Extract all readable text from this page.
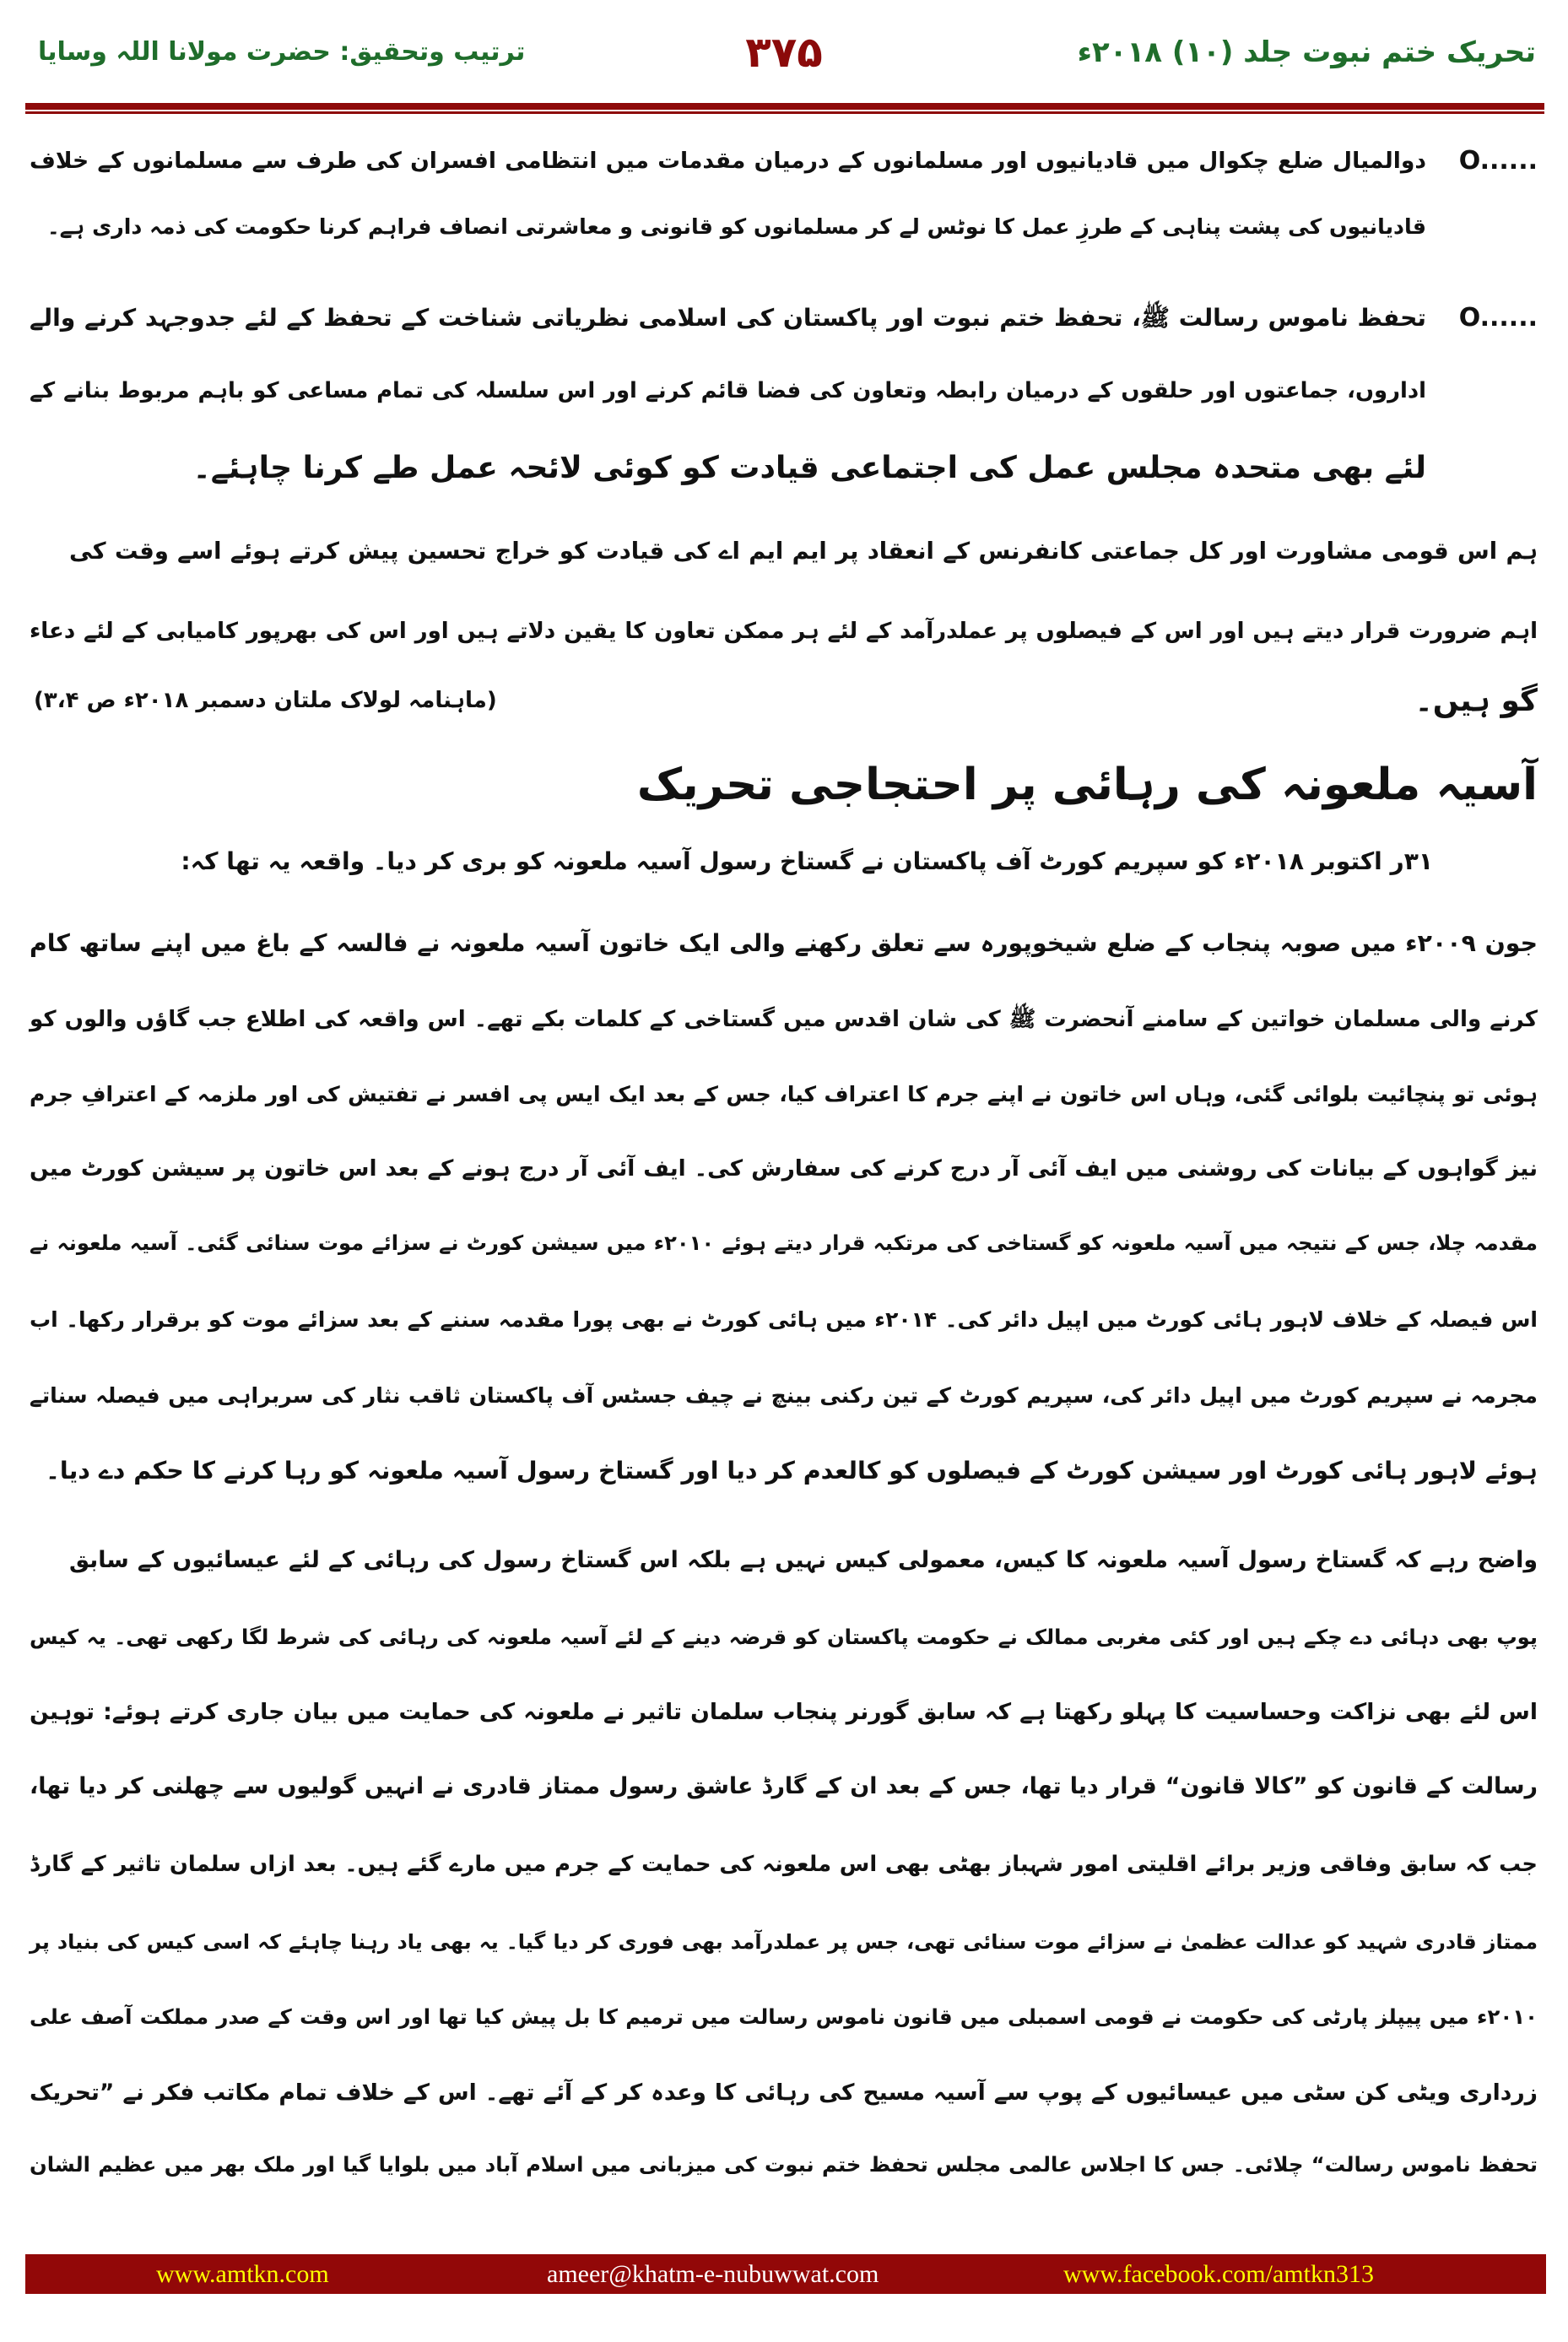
تحریک ختم نبوت جلد (۱۰) ۲۰۱۸ء
۳۷۵
ترتیب وتحقیق: حضرت مولانا اللہ وسایا
O......
دوالمیال ضلع چکوال میں قادیانیوں اور مسلمانوں کے درمیان مقدمات میں انتظامی افسران کی طرف سے مسلمانوں کے خلاف
قادیانیوں کی پشت پناہی کے طرزِ عمل کا نوٹس لے کر مسلمانوں کو قانونی و معاشرتی انصاف فراہم کرنا حکومت کی ذمہ داری ہے۔
O......
تحفظ ناموس رسالت ﷺ، تحفظ ختم نبوت اور پاکستان کی اسلامی نظریاتی شناخت کے تحفظ کے لئے جدوجہد کرنے والے
اداروں، جماعتوں اور حلقوں کے درمیان رابطہ وتعاون کی فضا قائم کرنے اور اس سلسلہ کی تمام مساعی کو باہم مربوط بنانے کے
لئے بھی متحدہ مجلس عمل کی اجتماعی قیادت کو کوئی لائحہ عمل طے کرنا چاہئے۔
ہم اس قومی مشاورت اور کل جماعتی کانفرنس کے انعقاد پر ایم ایم اے کی قیادت کو خراج تحسین پیش کرتے ہوئے اسے وقت کی
اہم ضرورت قرار دیتے ہیں اور اس کے فیصلوں پر عملدرآمد کے لئے ہر ممکن تعاون کا یقین دلاتے ہیں اور اس کی بھرپور کامیابی کے لئے دعاء
گو ہیں۔
(ماہنامہ لولاک ملتان دسمبر ۲۰۱۸ء ص ۳،۴)
آسیہ ملعونہ کی رہائی پر احتجاجی تحریک
۳۱ر اکتوبر ۲۰۱۸ء کو سپریم کورٹ آف پاکستان نے گستاخ رسول آسیہ ملعونہ کو بری کر دیا۔ واقعہ یہ تھا کہ:
جون ۲۰۰۹ء میں صوبہ پنجاب کے ضلع شیخوپورہ سے تعلق رکھنے والی ایک خاتون آسیہ ملعونہ نے فالسہ کے باغ میں اپنے ساتھ کام
کرنے والی مسلمان خواتین کے سامنے آنحضرت ﷺ کی شان اقدس میں گستاخی کے کلمات بکے تھے۔ اس واقعہ کی اطلاع جب گاؤں والوں کو
ہوئی تو پنچائیت بلوائی گئی، وہاں اس خاتون نے اپنے جرم کا اعتراف کیا، جس کے بعد ایک ایس پی افسر نے تفتیش کی اور ملزمہ کے اعترافِ جرم
نیز گواہوں کے بیانات کی روشنی میں ایف آئی آر درج کرنے کی سفارش کی۔ ایف آئی آر درج ہونے کے بعد اس خاتون پر سیشن کورٹ میں
مقدمہ چلا، جس کے نتیجہ میں آسیہ ملعونہ کو گستاخی کی مرتکبہ قرار دیتے ہوئے ۲۰۱۰ء میں سیشن کورٹ نے سزائے موت سنائی گئی۔ آسیہ ملعونہ نے
اس فیصلہ کے خلاف لاہور ہائی کورٹ میں اپیل دائر کی۔ ۲۰۱۴ء میں ہائی کورٹ نے بھی پورا مقدمہ سننے کے بعد سزائے موت کو برقرار رکھا۔ اب
مجرمہ نے سپریم کورٹ میں اپیل دائر کی، سپریم کورٹ کے تین رکنی بینچ نے چیف جسٹس آف پاکستان ثاقب نثار کی سربراہی میں فیصلہ سناتے
ہوئے لاہور ہائی کورٹ اور سیشن کورٹ کے فیصلوں کو کالعدم کر دیا اور گستاخ رسول آسیہ ملعونہ کو رہا کرنے کا حکم دے دیا۔
واضح رہے کہ گستاخ رسول آسیہ ملعونہ کا کیس، معمولی کیس نہیں ہے بلکہ اس گستاخ رسول کی رہائی کے لئے عیسائیوں کے سابق
پوپ بھی دہائی دے چکے ہیں اور کئی مغربی ممالک نے حکومت پاکستان کو قرضہ دینے کے لئے آسیہ ملعونہ کی رہائی کی شرط لگا رکھی تھی۔ یہ کیس
اس لئے بھی نزاکت وحساسیت کا پہلو رکھتا ہے کہ سابق گورنر پنجاب سلمان تاثیر نے ملعونہ کی حمایت میں بیان جاری کرتے ہوئے: توہین
رسالت کے قانون کو ”کالا قانون“ قرار دیا تھا، جس کے بعد ان کے گارڈ عاشق رسول ممتاز قادری نے انہیں گولیوں سے چھلنی کر دیا تھا،
جب کہ سابق وفاقی وزیر برائے اقلیتی امور شہباز بھٹی بھی اس ملعونہ کی حمایت کے جرم میں مارے گئے ہیں۔ بعد ازاں سلمان تاثیر کے گارڈ
ممتاز قادری شہید کو عدالت عظمیٰ نے سزائے موت سنائی تھی، جس پر عملدرآمد بھی فوری کر دیا گیا۔ یہ بھی یاد رہنا چاہئے کہ اسی کیس کی بنیاد پر
۲۰۱۰ء میں پیپلز پارٹی کی حکومت نے قومی اسمبلی میں قانون ناموس رسالت میں ترمیم کا بل پیش کیا تھا اور اس وقت کے صدر مملکت آصف علی
زرداری ویٹی کن سٹی میں عیسائیوں کے پوپ سے آسیہ مسیح کی رہائی کا وعدہ کر کے آئے تھے۔ اس کے خلاف تمام مکاتب فکر نے ”تحریک
تحفظ ناموس رسالت“ چلائی۔ جس کا اجلاس عالمی مجلس تحفظ ختم نبوت کی میزبانی میں اسلام آباد میں بلوایا گیا اور ملک بھر میں عظیم الشان
www.amtkn.com	ameer@khatm-e-nubuwwat.com	www.facebook.com/amtkn313
